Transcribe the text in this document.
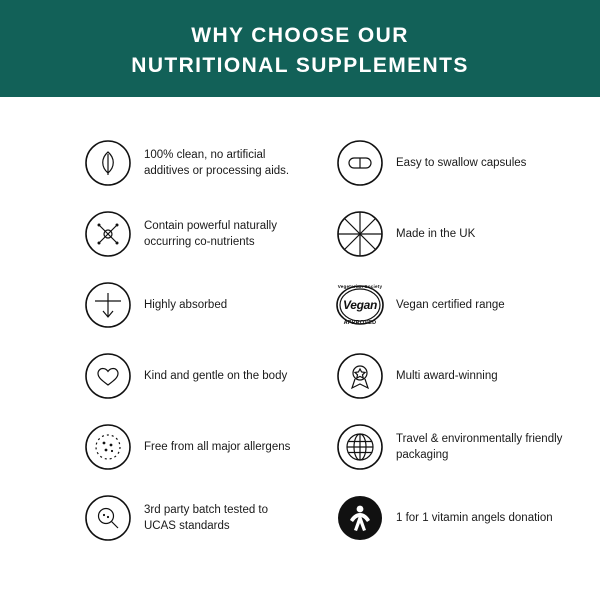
WHY CHOOSE OUR
NUTRITIONAL SUPPLEMENTS
100% clean, no artificial additives or processing aids.
Contain powerful naturally occurring co-nutrients
Highly absorbed
Kind and gentle on the body
Free from all major allergens
3rd party batch tested to UCAS standards
Easy to swallow capsules
Made in the UK
Vegetarian Society
Vegan
APPROVED
Vegan certified range
Multi award-winning
Travel & environmentally friendly packaging
1 for 1 vitamin angels donation
